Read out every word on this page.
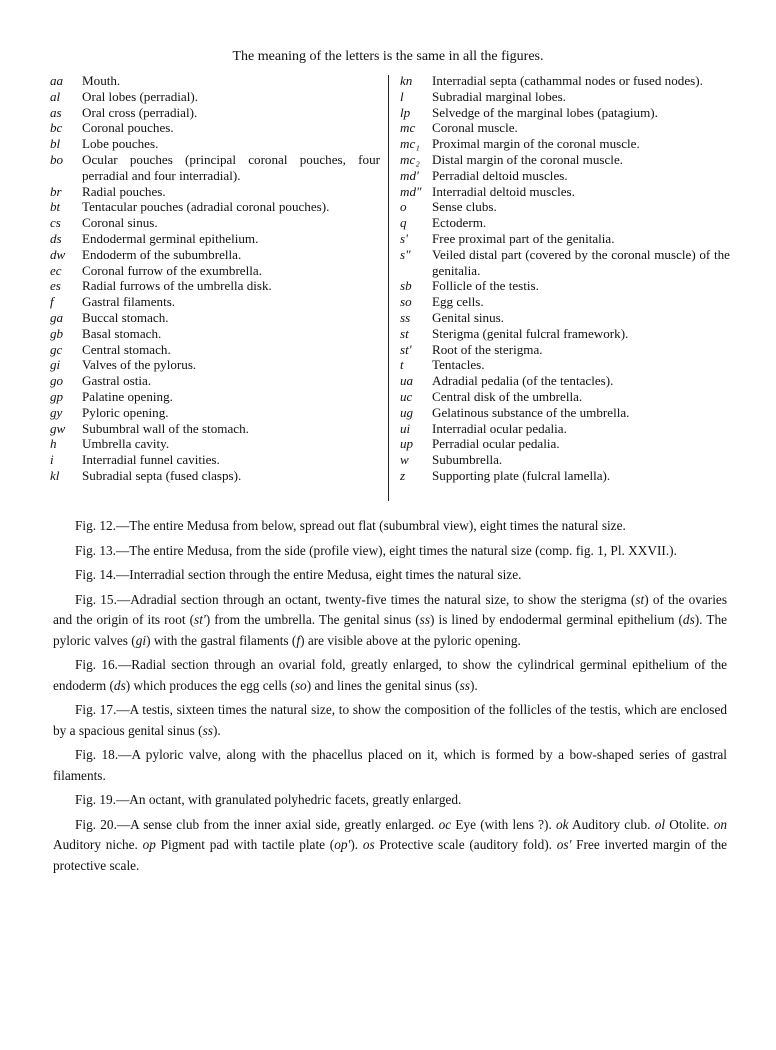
The meaning of the letters is the same in all the figures.
aa	Mouth.
al	Oral lobes (perradial).
as	Oral cross (perradial).
bc	Coronal pouches.
bl	Lobe pouches.
bo	Ocular pouches (principal coronal pouches, four perradial and four interradial).
br	Radial pouches.
bt	Tentacular pouches (adradial coronal pouches).
cs	Coronal sinus.
ds	Endodermal germinal epithelium.
dw	Endoderm of the subumbrella.
ec	Coronal furrow of the exumbrella.
es	Radial furrows of the umbrella disk.
f	Gastral filaments.
ga	Buccal stomach.
gb	Basal stomach.
gc	Central stomach.
gi	Valves of the pylorus.
go	Gastral ostia.
gp	Palatine opening.
gy	Pyloric opening.
gw	Subumbral wall of the stomach.
h	Umbrella cavity.
i	Interradial funnel cavities.
kl	Subradial septa (fused clasps).
kn	Interradial septa (cathammal nodes or fused nodes).
l	Subradial marginal lobes.
lp	Selvedge of the marginal lobes (patagium).
mc	Coronal muscle.
mc₁ Proximal margin of the coronal muscle.
mc₂ Distal margin of the coronal muscle.
md'	Perradial deltoid muscles.
md" Interradial deltoid muscles.
o	Sense clubs.
q	Ectoderm.
s'	Free proximal part of the genitalia.
s"	Veiled distal part (covered by the coronal muscle) of the genitalia.
sb	Follicle of the testis.
so	Egg cells.
ss	Genital sinus.
st	Sterigma (genital fulcral framework).
st'	Root of the sterigma.
t	Tentacles.
ua	Adradial pedalia (of the tentacles).
uc	Central disk of the umbrella.
ug	Gelatinous substance of the umbrella.
ui	Interradial ocular pedalia.
up	Perradial ocular pedalia.
w	Subumbrella.
z	Supporting plate (fulcral lamella).

Fig. 12.—The entire Medusa from below, spread out flat (subumbral view), eight times the natural size.

Fig. 13.—The entire Medusa, from the side (profile view), eight times the natural size (comp. fig. 1, Pl. XXVII.).

Fig. 14.—Interradial section through the entire Medusa, eight times the natural size.

Fig. 15.—Adradial section through an octant, twenty-five times the natural size, to show the sterigma (st) of the ovaries and the origin of its root (st') from the umbrella. The genital sinus (ss) is lined by endodermal germinal epithelium (ds). The pyloric valves (gi) with the gastral filaments (f) are visible above at the pyloric opening.

Fig. 16.—Radial section through an ovarial fold, greatly enlarged, to show the cylindrical germinal epithelium of the endoderm (ds) which produces the egg cells (so) and lines the genital sinus (ss).

Fig. 17.—A testis, sixteen times the natural size, to show the composition of the follicles of the testis, which are enclosed by a spacious genital sinus (ss).

Fig. 18.—A pyloric valve, along with the phacellus placed on it, which is formed by a bow-shaped series of gastral filaments.

Fig. 19.—An octant, with granulated polyhedric facets, greatly enlarged.

Fig. 20.—A sense club from the inner axial side, greatly enlarged. oc Eye (with lens ?). ok Auditory club. ol Otolite. on Auditory niche. op Pigment pad with tactile plate (op'). os Protective scale (auditory fold). os' Free inverted margin of the protective scale.
